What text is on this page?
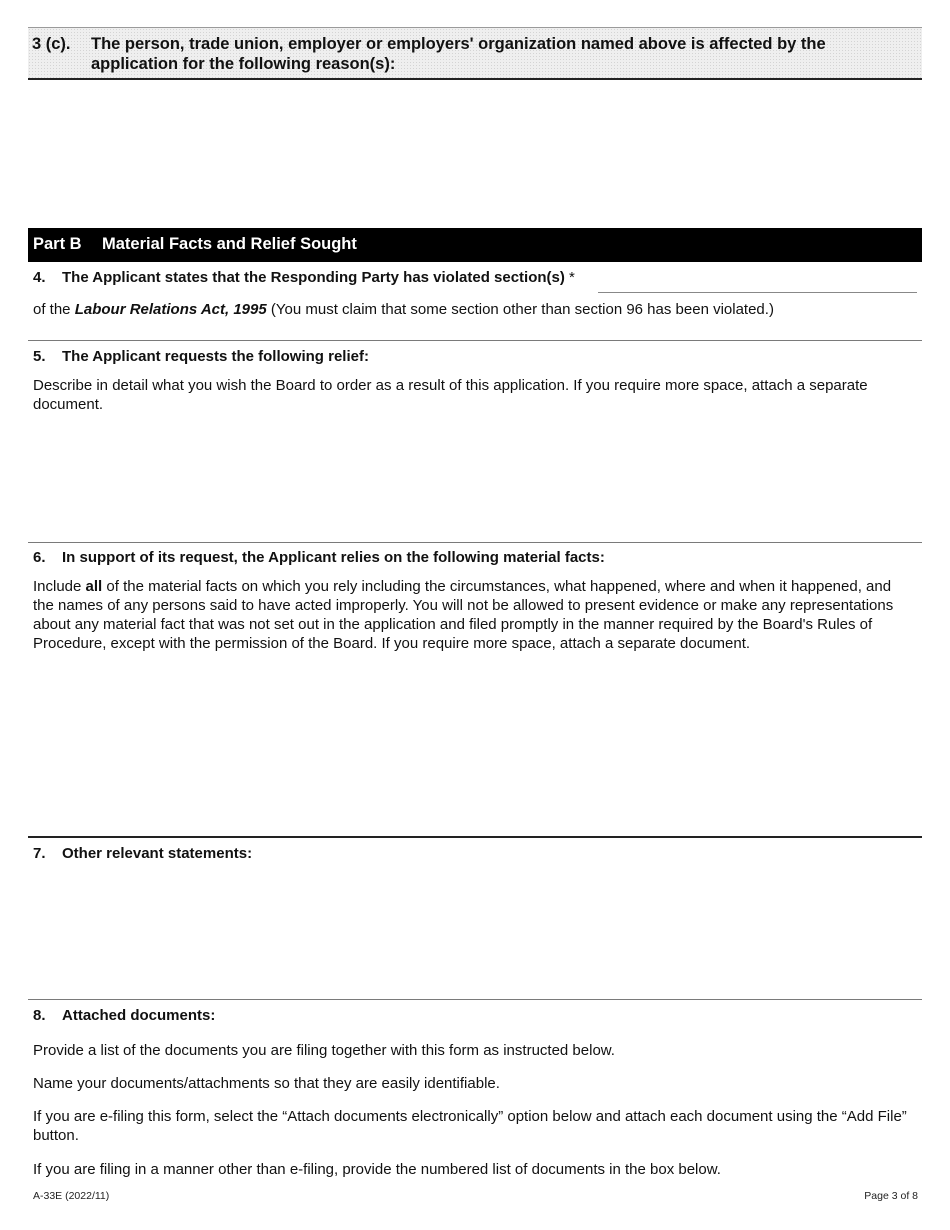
3 (c). The person, trade union, employer or employers' organization named above is affected by the application for the following reason(s):
Part B Material Facts and Relief Sought
4. The Applicant states that the Responding Party has violated section(s) *
of the Labour Relations Act, 1995 (You must claim that some section other than section 96 has been violated.)
5. The Applicant requests the following relief:
Describe in detail what you wish the Board to order as a result of this application. If you require more space, attach a separate document.
6. In support of its request, the Applicant relies on the following material facts:
Include all of the material facts on which you rely including the circumstances, what happened, where and when it happened, and the names of any persons said to have acted improperly. You will not be allowed to present evidence or make any representations about any material fact that was not set out in the application and filed promptly in the manner required by the Board's Rules of Procedure, except with the permission of the Board. If you require more space, attach a separate document.
7. Other relevant statements:
8. Attached documents:
Provide a list of the documents you are filing together with this form as instructed below.
Name your documents/attachments so that they are easily identifiable.
If you are e-filing this form, select the “Attach documents electronically” option below and attach each document using the “Add File” button.
If you are filing in a manner other than e-filing, provide the numbered list of documents in the box below.
A-33E (2022/11)	Page 3 of 8
